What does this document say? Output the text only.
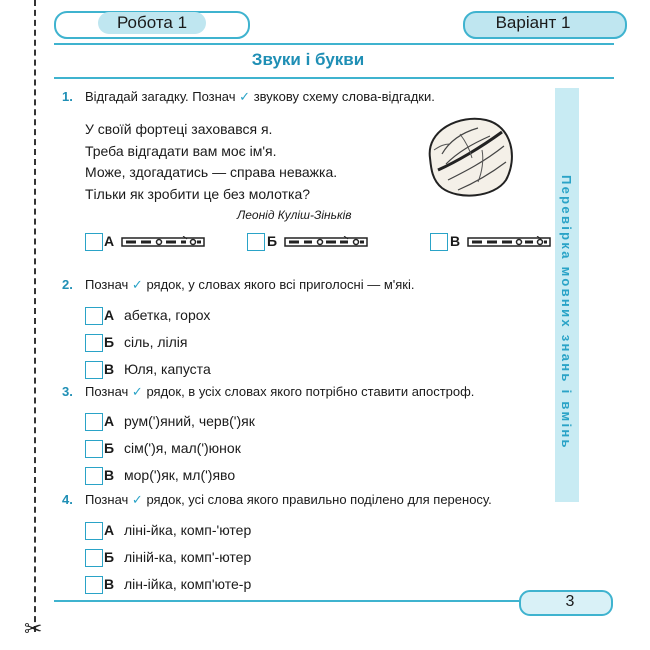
✂
Робота 1	Варіант 1
Звуки і букви
Перевірка мовних знань і вмінь
1. Відгадай загадку. Познач ✓ звукову схему слова-відгадки.
У своїй фортеці заховався я.
Треба відгадати вам моє ім'я.
Може, здогадатись — справа неважка.
Тільки як зробити це без молотка?
Леонід Куліш-Зіньків
А	Б	В
2. Познач ✓ рядок, у словах якого всі приголосні — м'які.
А абетка, горох
Б сіль, лілія
В Юля, капуста
3. Познач ✓ рядок, в усіх словах якого потрібно ставити апостроф.
А рум(')яний, черв(')як
Б сім(')я, мал(')юнок
В мор(')як, мл(')яво
4. Познач ✓ рядок, усі слова якого правильно поділено для переносу.
А ліні-йка, комп-'ютер
Б ліній-ка, комп'-ютер
В лін-ійка, комп'юте-р
3
